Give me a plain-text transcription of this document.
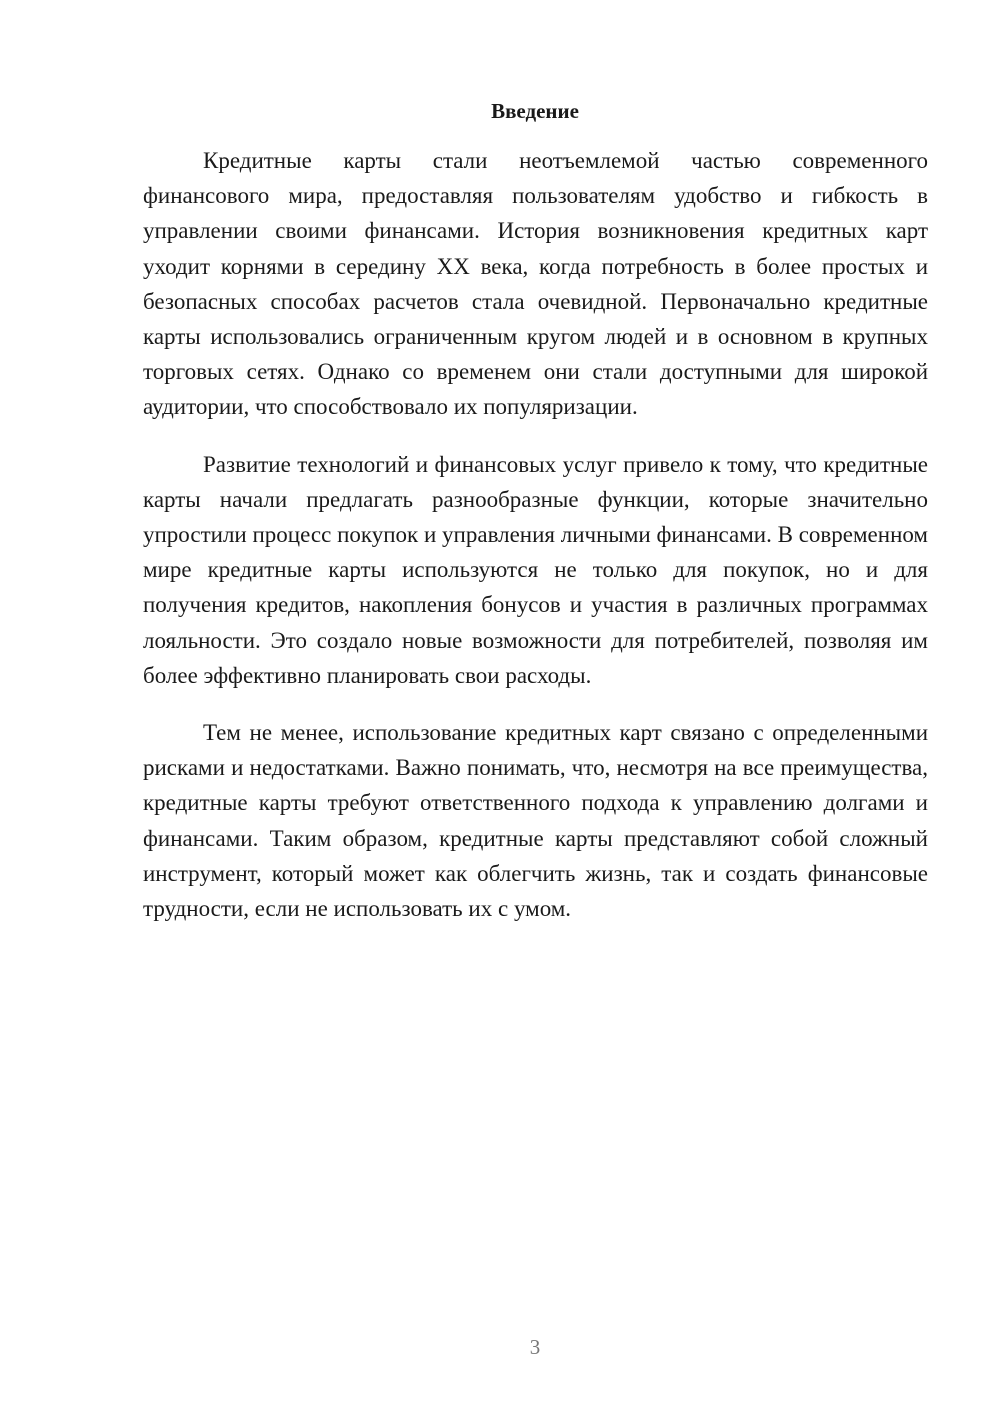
Введение

Кредитные карты стали неотъемлемой частью современного финансового мира, предоставляя пользователям удобство и гибкость в управлении своими финансами. История возникновения кредитных карт уходит корнями в середину XX века, когда потребность в более простых и безопасных способах расчетов стала очевидной. Первоначально кредитные карты использовались ограниченным кругом людей и в основном в крупных торговых сетях. Однако со временем они стали доступными для широкой аудитории, что способствовало их популяризации.

Развитие технологий и финансовых услуг привело к тому, что кредитные карты начали предлагать разнообразные функции, которые значительно упростили процесс покупок и управления личными финансами. В современном мире кредитные карты используются не только для покупок, но и для получения кредитов, накопления бонусов и участия в различных программах лояльности. Это создало новые возможности для потребителей, позволяя им более эффективно планировать свои расходы.

Тем не менее, использование кредитных карт связано с определенными рисками и недостатками. Важно понимать, что, несмотря на все преимущества, кредитные карты требуют ответственного подхода к управлению долгами и финансами. Таким образом, кредитные карты представляют собой сложный инструмент, который может как облегчить жизнь, так и создать финансовые трудности, если не использовать их с умом.

3
